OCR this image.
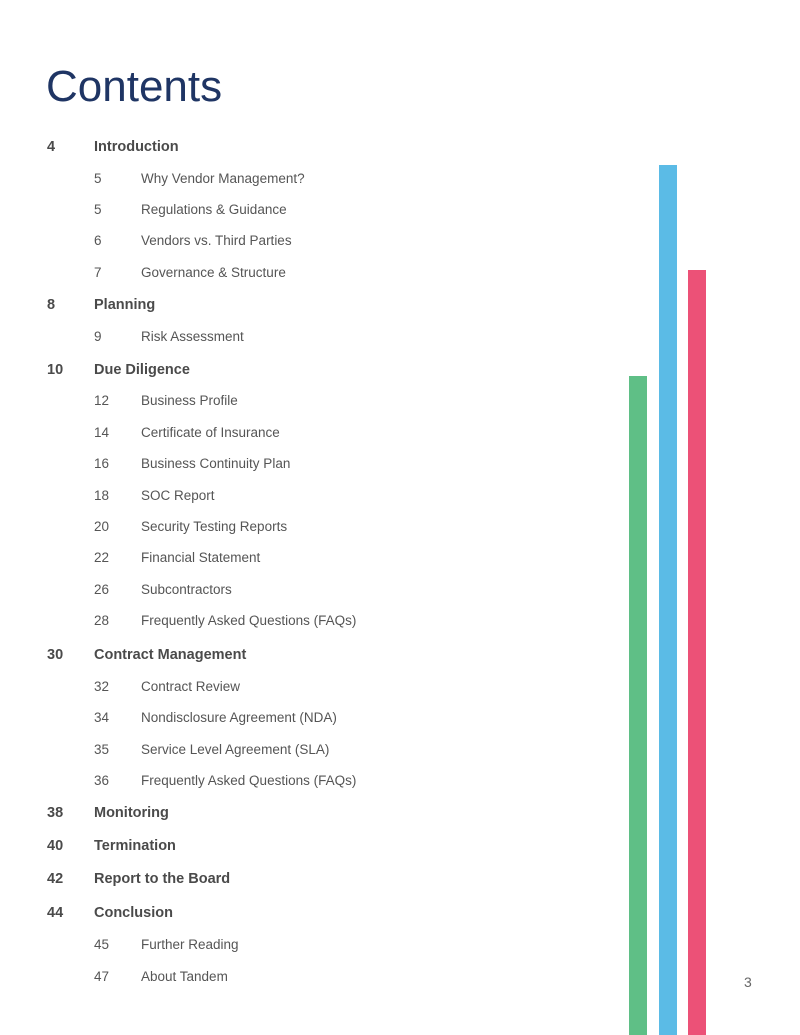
Contents
4	Introduction
5	Why Vendor Management?
5	Regulations & Guidance
6	Vendors vs. Third Parties
7	Governance & Structure
8	Planning
9	Risk Assessment
10 Due Diligence
12 Business Profile
14 Certificate of Insurance
16 Business Continuity Plan
18 SOC Report
20 Security Testing Reports
22 Financial Statement
26 Subcontractors
28 Frequently Asked Questions (FAQs)
30 Contract Management
32 Contract Review
34 Nondisclosure Agreement (NDA)
35 Service Level Agreement (SLA)
36 Frequently Asked Questions (FAQs)
38 Monitoring
40 Termination
42 Report to the Board
44 Conclusion
45 Further Reading
47 About Tandem	3
